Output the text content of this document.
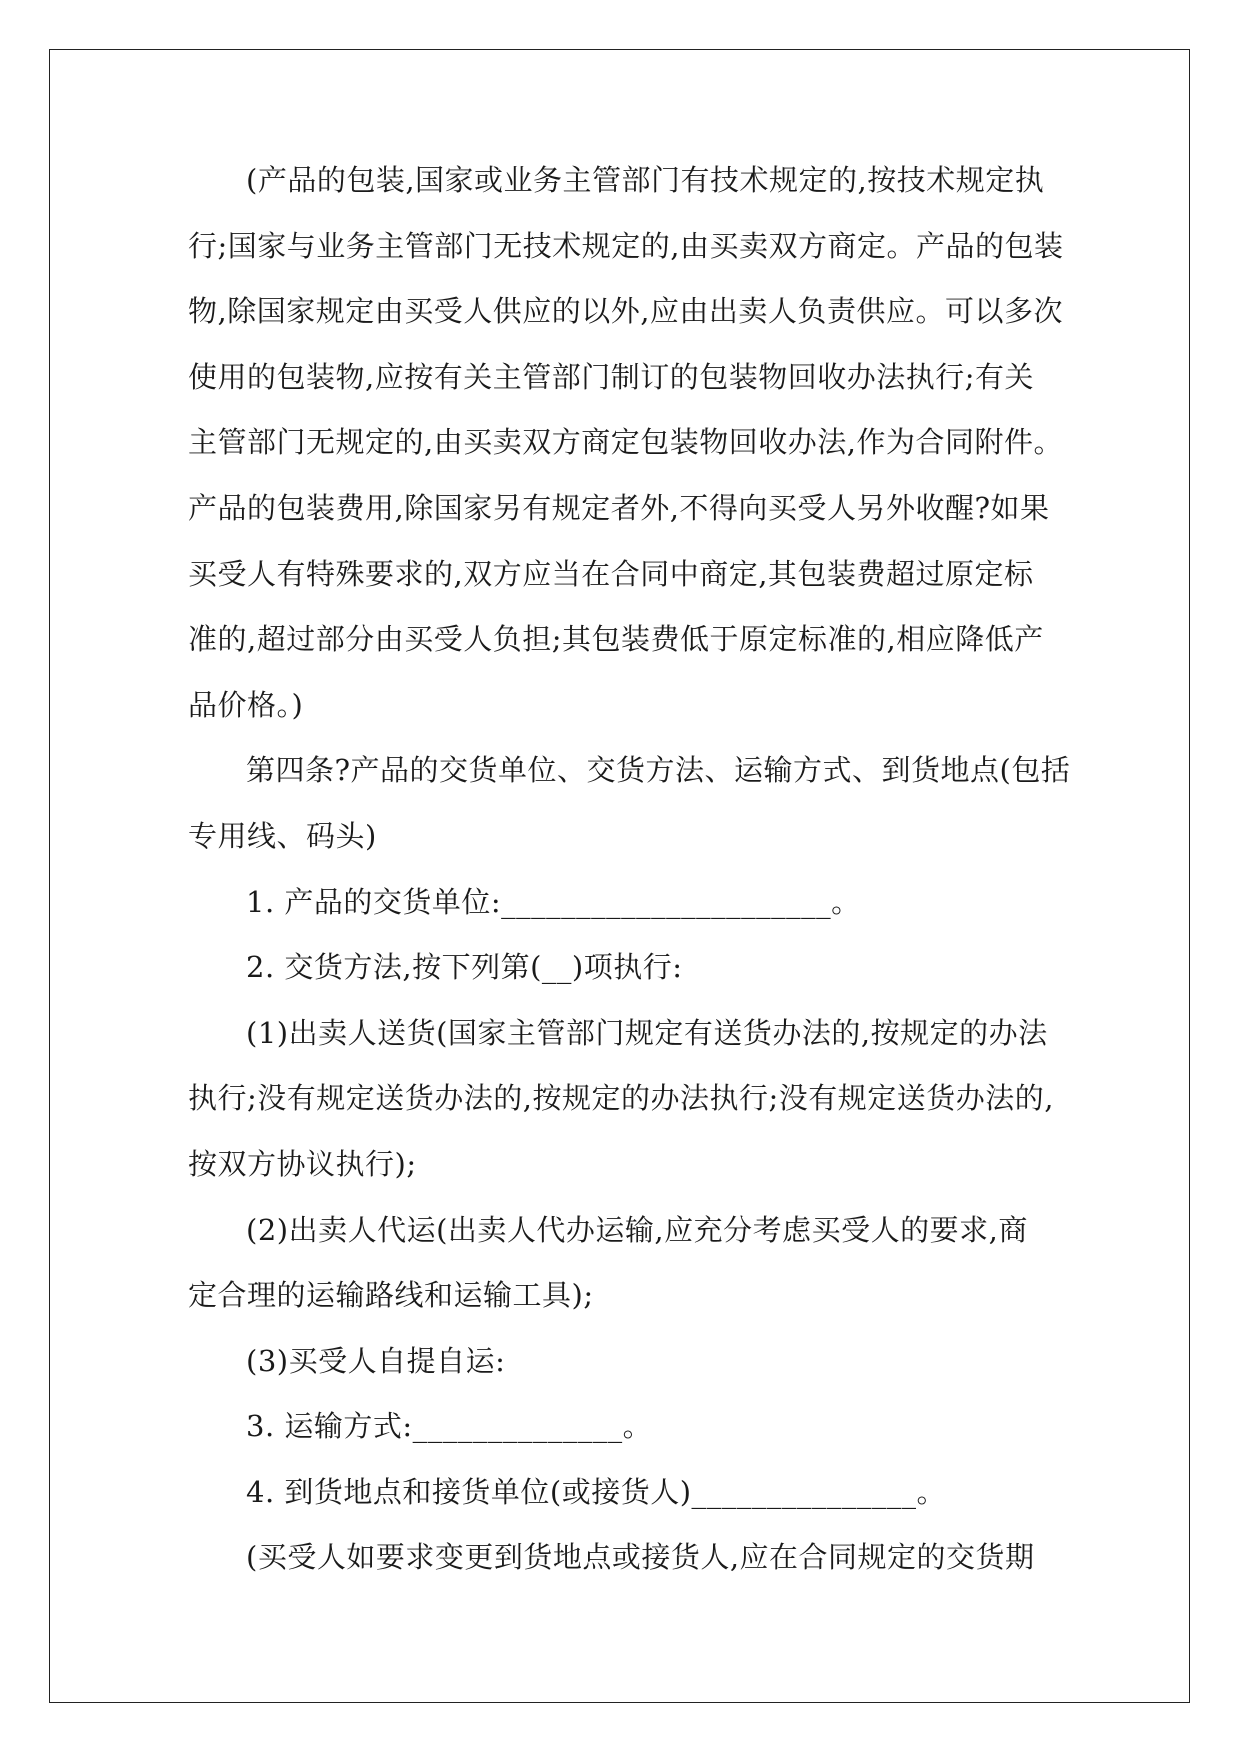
(产品的包装,国家或业务主管部门有技术规定的,按技术规定执
行;国家与业务主管部门无技术规定的,由买卖双方商定。产品的包装
物,除国家规定由买受人供应的以外,应由出卖人负责供应。可以多次
使用的包装物,应按有关主管部门制订的包装物回收办法执行;有关
主管部门无规定的,由买卖双方商定包装物回收办法,作为合同附件。
产品的包装费用,除国家另有规定者外,不得向买受人另外收醒?如果
买受人有特殊要求的,双方应当在合同中商定,其包装费超过原定标
准的,超过部分由买受人负担;其包装费低于原定标准的,相应降低产
品价格。)
第四条?产品的交货单位、交货方法、运输方式、到货地点(包括
专用线、码头)
1. 产品的交货单位:______________________。
2. 交货方法,按下列第(__)项执行:
(1)出卖人送货(国家主管部门规定有送货办法的,按规定的办法
执行;没有规定送货办法的,按规定的办法执行;没有规定送货办法的,
按双方协议执行);
(2)出卖人代运(出卖人代办运输,应充分考虑买受人的要求,商
定合理的运输路线和运输工具);
(3)买受人自提自运:
3. 运输方式:______________。
4. 到货地点和接货单位(或接货人)_______________。
(买受人如要求变更到货地点或接货人,应在合同规定的交货期
